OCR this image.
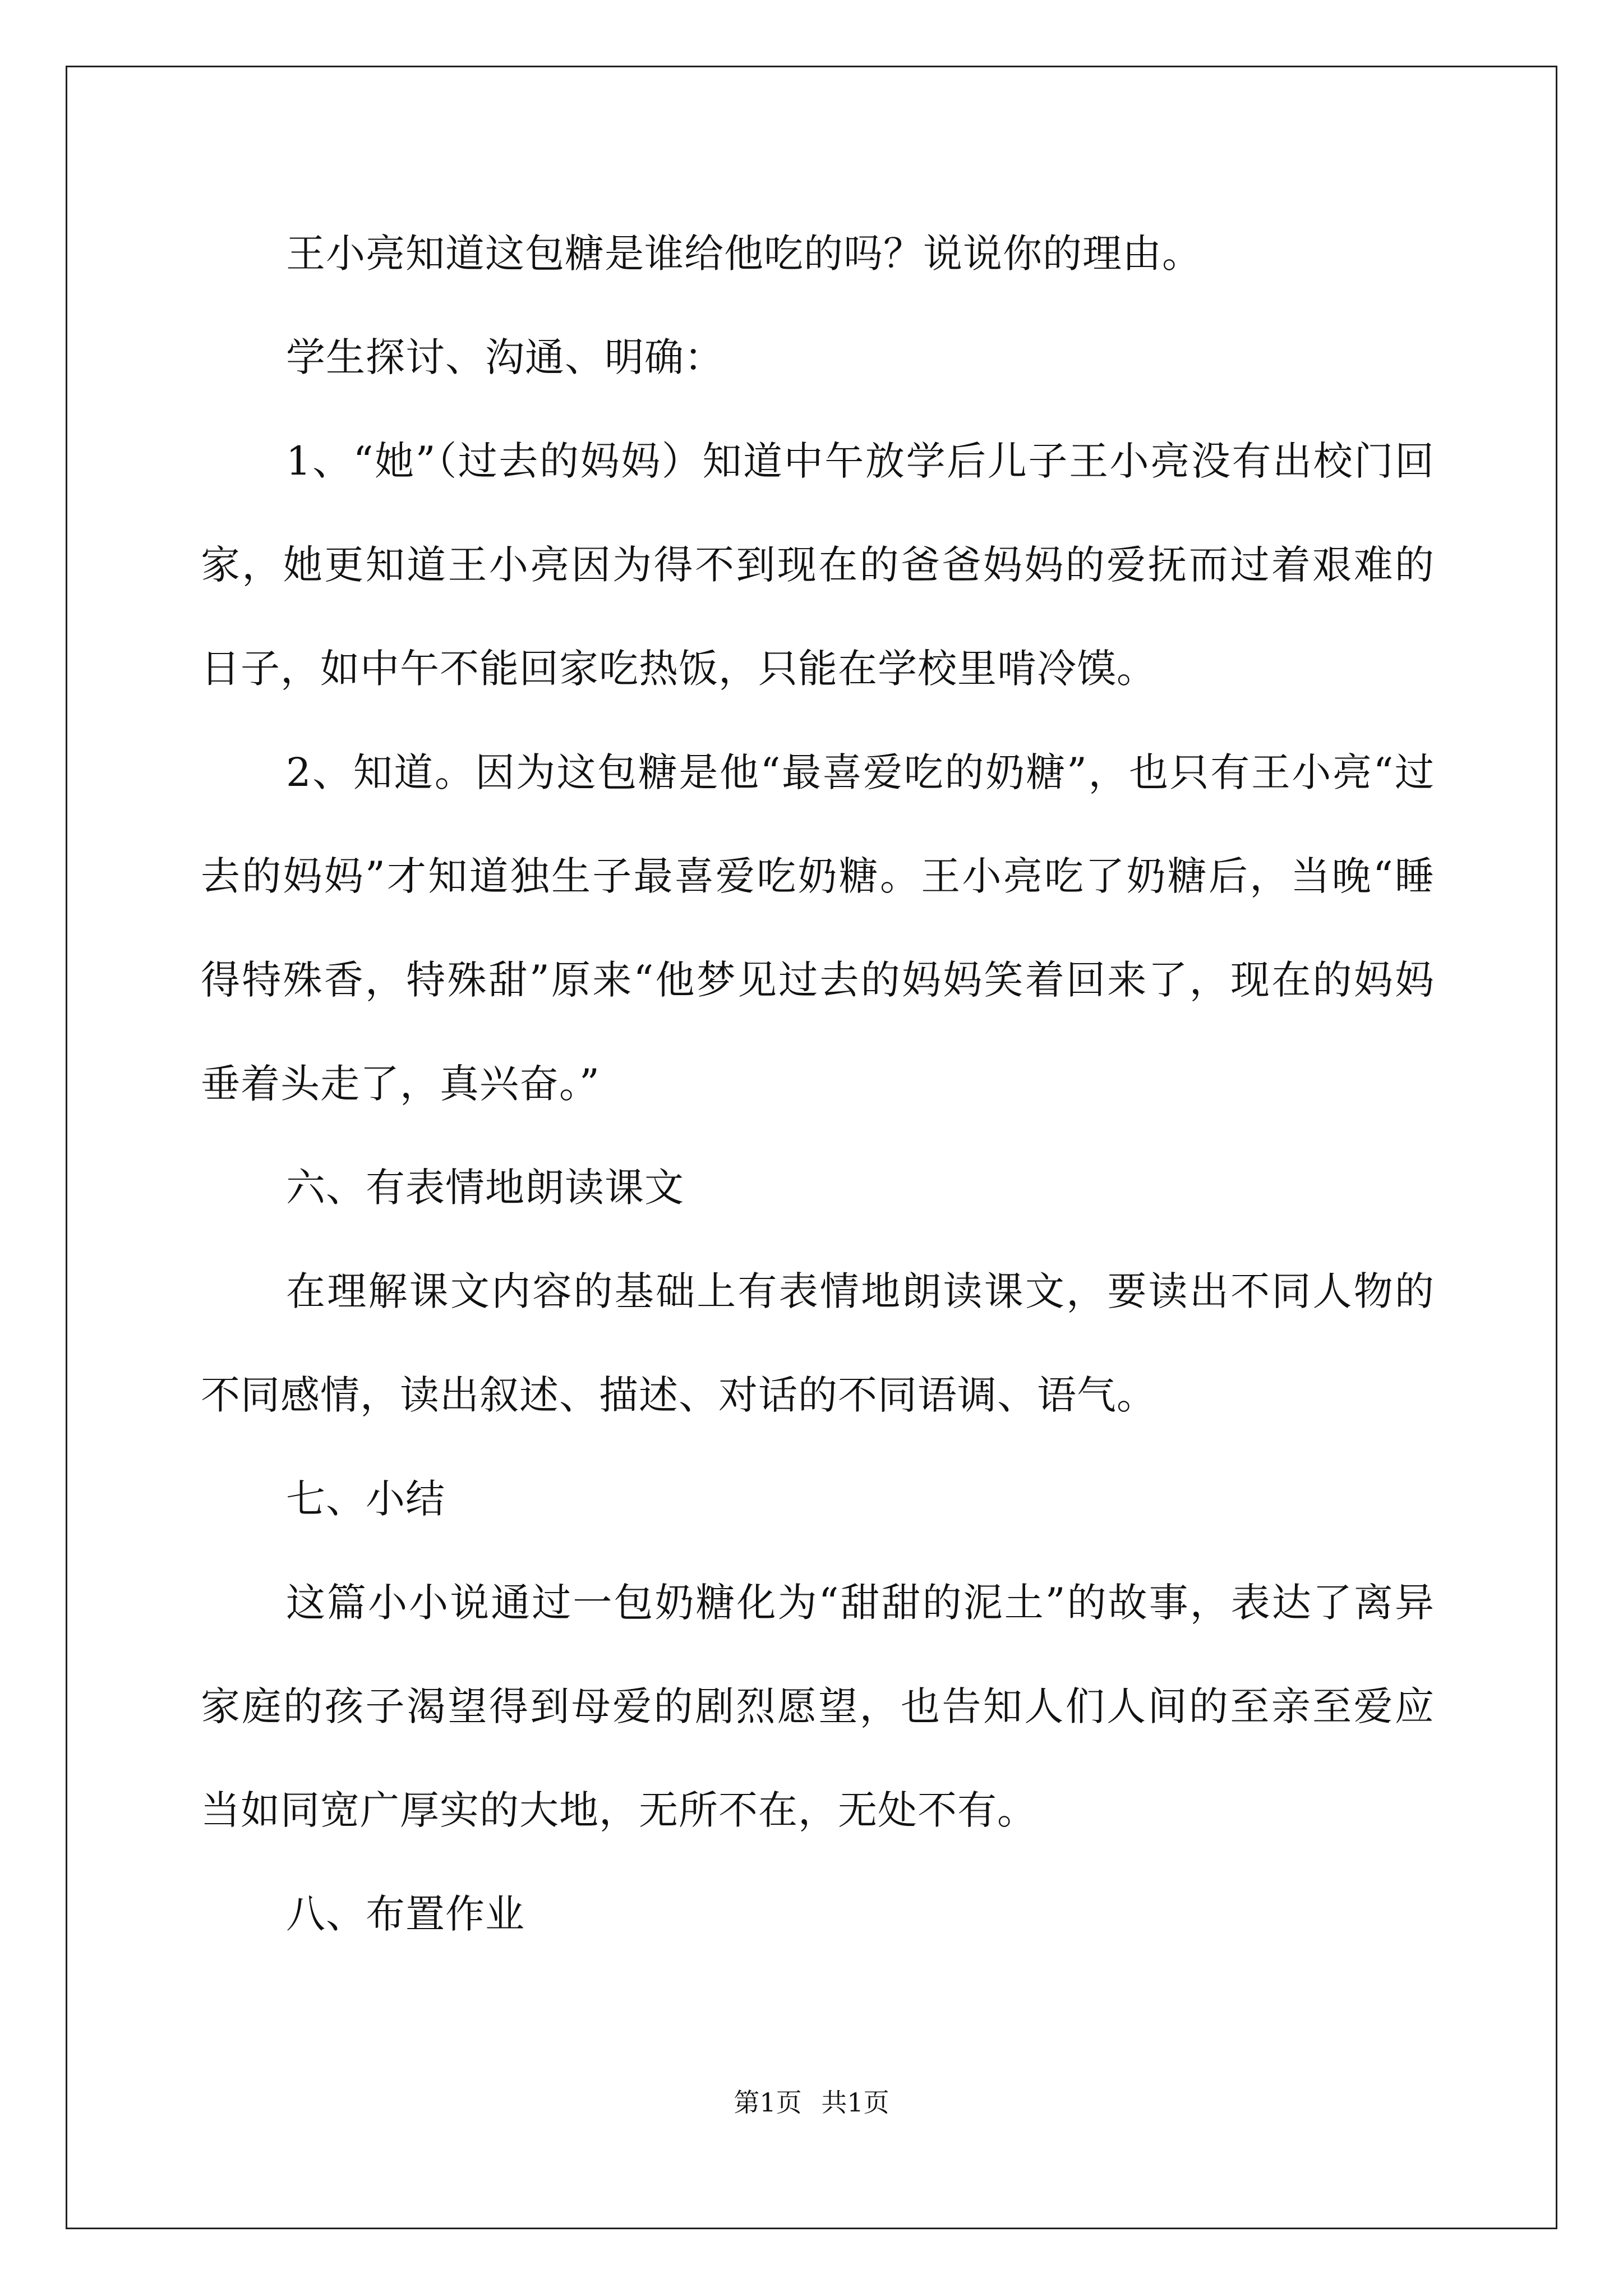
王小亮知道这包糖是谁给他吃的吗？说说你的理由。

学生探讨、沟通、明确：

1、“她”（过去的妈妈）知道中午放学后儿子王小亮没有出校门回家，她更知道王小亮因为得不到现在的爸爸妈妈的爱抚而过着艰难的日子，如中午不能回家吃热饭，只能在学校里啃冷馍。

2、知道。因为这包糖是他“最喜爱吃的奶糖”，也只有王小亮“过去的妈妈”才知道独生子最喜爱吃奶糖。王小亮吃了奶糖后，当晚“睡得特殊香，特殊甜”原来“他梦见过去的妈妈笑着回来了，现在的妈妈垂着头走了，真兴奋。”

六、有表情地朗读课文

在理解课文内容的基础上有表情地朗读课文，要读出不同人物的不同感情，读出叙述、描述、对话的不同语调、语气。

七、小结

这篇小小说通过一包奶糖化为“甜甜的泥土”的故事，表达了离异家庭的孩子渴望得到母爱的剧烈愿望，也告知人们人间的至亲至爱应当如同宽广厚实的大地，无所不在，无处不有。

八、布置作业

第1页 共1页
